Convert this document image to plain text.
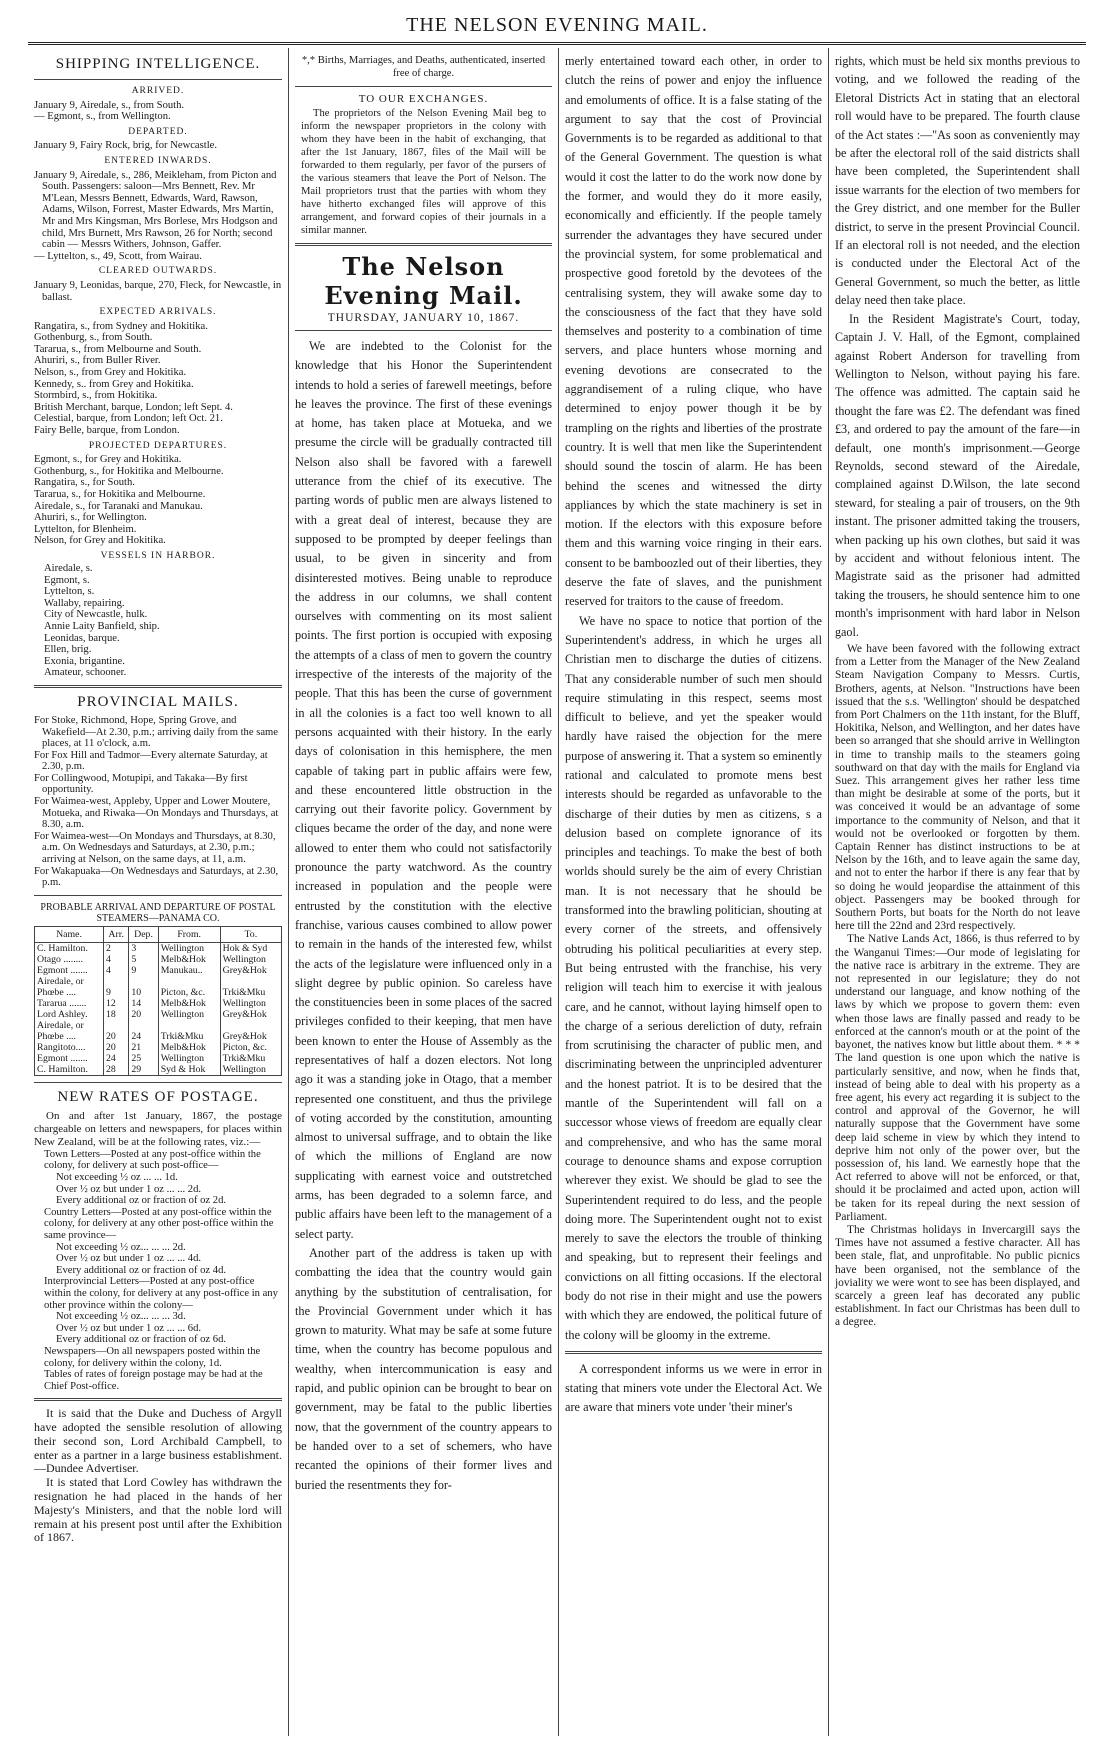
THE NELSON EVENING MAIL.
SHIPPING INTELLIGENCE.
ARRIVED.

January 9, Airedale, s., from South.

— Egmont, s., from Wellington.

DEPARTED.

January 9, Fairy Rock, brig, for Newcastle.

ENTERED INWARDS.

January 9, Airedale, s., 286, Meikleham, from Picton and South. Passengers: saloon—Mrs Bennett, Rev. Mr M'Lean, Messrs Bennett, Edwards, Ward, Rawson, Adams, Wilson, Forrest, Master Edwards, Mrs Martin, Mr and Mrs Kingsman, Mrs Borlese, Mrs Hodgson and child, Mrs Burnett, Mrs Rawson, 26 for North; second cabin — Messrs Withers, Johnson, Gaffer.

— Lyttelton, s., 49, Scott, from Wairau.

CLEARED OUTWARDS.

January 9, Leonidas, barque, 270, Fleck, for Newcastle, in ballast.

EXPECTED ARRIVALS.

Rangatira, s., from Sydney and Hokitika.

Gothenburg, s., from South.

Tararua, s., from Melbourne and South.

Ahuriri, s., from Buller River.

Nelson, s., from Grey and Hokitika.

Kennedy, s.. from Grey and Hokitika.

Stormbird, s., from Hokitika.

British Merchant, barque, London; left Sept. 4.

Celestial, barque, from London; left Oct. 21.

Fairy Belle, barque, from London.

PROJECTED DEPARTURES.

Egmont, s., for Grey and Hokitika.

Gothenburg, s., for Hokitika and Melbourne.

Rangatira, s., for South.

Tararua, s., for Hokitika and Melbourne.

Airedale, s., for Taranaki and Manukau.

Ahuriri, s., for Wellington.

Lyttelton, for Blenheim.

Nelson, for Grey and Hokitika.

VESSELS IN HARBOR.

Airedale, s.

Egmont, s.

Lyttelton, s.

Wallaby, repairing.

City of Newcastle, hulk.

Annie Laity Banfield, ship.

Leonidas, barque.

Ellen, brig.

Exonia, brigantine.

Amateur, schooner.

PROVINCIAL MAILS.

For Stoke, Richmond, Hope, Spring Grove, and Wakefield—At 2.30, p.m.; arriving daily from the same places, at 11 o'clock, a.m.

For Fox Hill and Tadmor—Every alternate Saturday, at 2.30, p.m.

For Collingwood, Motupipi, and Takaka—By first opportunity.

For Waimea-west, Appleby, Upper and Lower Moutere, Motueka, and Riwaka—On Mondays and Thursdays, at 8.30, a.m.

For Waimea-west—On Mondays and Thursdays, at 8.30, a.m. On Wednesdays and Saturdays, at 2.30, p.m.; arriving at Nelson, on the same days, at 11, a.m.

For Wakapuaka—On Wednesdays and Saturdays, at 2.30, p.m.

PROBABLE ARRIVAL AND DEPARTURE OF POSTAL STEAMERS—PANAMA CO.
Name.	Arr.	Dep.	From.	To.
C. Hamilton.	2	3	Wellington	Hok & Syd
Otago ........	4	5	Melb&Hok	Wellington
Egmont .......	4	9	Manukau..	Grey&Hok
Airedale, or				
Phœbe ....	9	10	Picton, &c.	Trki&Mku
Tararua .......	12	14	Melb&Hok	Wellington
Lord Ashley.	18	20	Wellington	Grey&Hok
Airedale, or				
Phœbe ....	20	24	Trki&Mku	Grey&Hok
Rangitoto....	20	21	Melb&Hok	Picton, &c.
Egmont .......	24	25	Wellington	Trki&Mku
C. Hamilton.	28	29	Syd & Hok	Wellington
NEW RATES OF POSTAGE.

On and after 1st January, 1867, the postage chargeable on letters and newspapers, for places within New Zealand, will be at the following rates, viz.:—

Town Letters—Posted at any post-office within the colony, for delivery at such post-office—

Not exceeding ½ oz ... ... 1d.

Over ½ oz but under 1 oz ... ... 2d.

Every additional oz or fraction of oz 2d.

Country Letters—Posted at any post-office within the colony, for delivery at any other post-office within the same province—

Not exceeding ½ oz... ... ... 2d.

Over ½ oz but under 1 oz ... ... 4d.

Every additional oz or fraction of oz 4d.

Interprovincial Letters—Posted at any post-office within the colony, for delivery at any post-office in any other province within the colony—

Not exceeding ½ oz... ... ... 3d.

Over ½ oz but under 1 oz ... ... 6d.

Every additional oz or fraction of oz 6d.

Newspapers—On all newspapers posted within the colony, for delivery within the colony, 1d.

Tables of rates of foreign postage may be had at the Chief Post-office.

It is said that the Duke and Duchess of Argyll have adopted the sensible resolution of allowing their second son, Lord Archibald Campbell, to enter as a partner in a large business establishment.—Dundee Advertiser.

It is stated that Lord Cowley has withdrawn the resignation he had placed in the hands of her Majesty's Ministers, and that the noble lord will remain at his present post until after the Exhibition of 1867.

*,* Births, Marriages, and Deaths, authenticated, inserted free of charge.
TO OUR EXCHANGES.

The proprietors of the Nelson Evening Mail beg to inform the newspaper proprietors in the colony with whom they have been in the habit of exchanging, that after the 1st January, 1867, files of the Mail will be forwarded to them regularly, per favor of the pursers of the various steamers that leave the Port of Nelson. The Mail proprietors trust that the parties with whom they have hitherto exchanged files will approve of this arrangement, and forward copies of their journals in a similar manner.

The Nelson Evening Mail.
THURSDAY, JANUARY 10, 1867.

We are indebted to the Colonist for the knowledge that his Honor the Superintendent intends to hold a series of farewell meetings, before he leaves the province. The first of these evenings at home, has taken place at Motueka, and we presume the circle will be gradually contracted till Nelson also shall be favored with a farewell utterance from the chief of its executive. The parting words of public men are always listened to with a great deal of interest, because they are supposed to be prompted by deeper feelings than usual, to be given in sincerity and from disinterested motives. Being unable to reproduce the address in our columns, we shall content ourselves with commenting on its most salient points. The first portion is occupied with exposing the attempts of a class of men to govern the country irrespective of the interests of the majority of the people. That this has been the curse of government in all the colonies is a fact too well known to all persons acquainted with their history. In the early days of colonisation in this hemisphere, the men capable of taking part in public affairs were few, and these encountered little obstruction in the carrying out their favorite policy. Government by cliques became the order of the day, and none were allowed to enter them who could not satisfactorily pronounce the party watchword. As the country increased in population and the people were entrusted by the constitution with the elective franchise, various causes combined to allow power to remain in the hands of the interested few, whilst the acts of the legislature were influenced only in a slight degree by public opinion. So careless have the constituencies been in some places of the sacred privileges confided to their keeping, that men have been known to enter the House of Assembly as the representatives of half a dozen electors. Not long ago it was a standing joke in Otago, that a member represented one constituent, and thus the privilege of voting accorded by the constitution, amounting almost to universal suffrage, and to obtain the like of which the millions of England are now supplicating with earnest voice and outstretched arms, has been degraded to a solemn farce, and public affairs have been left to the management of a select party.

Another part of the address is taken up with combatting the idea that the country would gain anything by the substitution of centralisation, for the Provincial Government under which it has grown to maturity. What may be safe at some future time, when the country has become populous and wealthy, when intercommunication is easy and rapid, and public opinion can be brought to bear on government, may be fatal to the public liberties now, that the government of the country appears to be handed over to a set of schemers, who have recanted the opinions of their former lives and buried the resentments they for-

merly entertained toward each other, in order to clutch the reins of power and enjoy the influence and emoluments of office. It is a false stating of the argument to say that the cost of Provincial Governments is to be regarded as additional to that of the General Government. The question is what would it cost the latter to do the work now done by the former, and would they do it more easily, economically and efficiently. If the people tamely surrender the advantages they have secured under the provincial system, for some problematical and prospective good foretold by the devotees of the centralising system, they will awake some day to the consciousness of the fact that they have sold themselves and posterity to a combination of time servers, and place hunters whose morning and evening devotions are consecrated to the aggrandisement of a ruling clique, who have determined to enjoy power though it be by trampling on the rights and liberties of the prostrate country. It is well that men like the Superintendent should sound the toscin of alarm. He has been behind the scenes and witnessed the dirty appliances by which the state machinery is set in motion. If the electors with this exposure before them and this warning voice ringing in their ears. consent to be bamboozled out of their liberties, they deserve the fate of slaves, and the punishment reserved for traitors to the cause of freedom.

We have no space to notice that portion of the Superintendent's address, in which he urges all Christian men to discharge the duties of citizens. That any considerable number of such men should require stimulating in this respect, seems most difficult to believe, and yet the speaker would hardly have raised the objection for the mere purpose of answering it. That a system so eminently rational and calculated to promote mens best interests should be regarded as unfavorable to the discharge of their duties by men as citizens, s a delusion based on complete ignorance of its principles and teachings. To make the best of both worlds should surely be the aim of every Christian man. It is not necessary that he should be transformed into the brawling politician, shouting at every corner of the streets, and offensively obtruding his political peculiarities at every step. But being entrusted with the franchise, his very religion will teach him to exercise it with jealous care, and he cannot, without laying himself open to the charge of a serious dereliction of duty, refrain from scrutinising the character of public men, and discriminating between the unprincipled adventurer and the honest patriot. It is to be desired that the mantle of the Superintendent will fall on a successor whose views of freedom are equally clear and comprehensive, and who has the same moral courage to denounce shams and expose corruption wherever they exist. We should be glad to see the Superintendent required to do less, and the people doing more. The Superintendent ought not to exist merely to save the electors the trouble of thinking and speaking, but to represent their feelings and convictions on all fitting occasions. If the electoral body do not rise in their might and use the powers with which they are endowed, the political future of the colony will be gloomy in the extreme.

A correspondent informs us we were in error in stating that miners vote under the Electoral Act. We are aware that miners vote under 'their miner's

rights, which must be held six months previous to voting, and we followed the reading of the Eletoral Districts Act in stating that an electoral roll would have to be prepared. The fourth clause of the Act states :—"As soon as conveniently may be after the electoral roll of the said districts shall have been completed, the Superintendent shall issue warrants for the election of two members for the Grey district, and one member for the Buller district, to serve in the present Provincial Council. If an electoral roll is not needed, and the election is conducted under the Electoral Act of the General Government, so much the better, as little delay need then take place.

In the Resident Magistrate's Court, today, Captain J. V. Hall, of the Egmont, complained against Robert Anderson for travelling from Wellington to Nelson, without paying his fare. The offence was admitted. The captain said he thought the fare was £2. The defendant was fined £3, and ordered to pay the amount of the fare—in default, one month's imprisonment.—George Reynolds, second steward of the Airedale, complained against D.Wilson, the late second steward, for stealing a pair of trousers, on the 9th instant. The prisoner admitted taking the trousers, when packing up his own clothes, but said it was by accident and without felonious intent. The Magistrate said as the prisoner had admitted taking the trousers, he should sentence him to one month's imprisonment with hard labor in Nelson gaol.

We have been favored with the following extract from a Letter from the Manager of the New Zealand Steam Navigation Company to Messrs. Curtis, Brothers, agents, at Nelson. "Instructions have been issued that the s.s. 'Wellington' should be despatched from Port Chalmers on the 11th instant, for the Bluff, Hokitika, Nelson, and Wellington, and her dates have been so arranged that she should arrive in Wellington in time to tranship mails to the steamers going southward on that day with the mails for England via Suez. This arrangement gives her rather less time than might be desirable at some of the ports, but it was conceived it would be an advantage of some importance to the community of Nelson, and that it would not be overlooked or forgotten by them. Captain Renner has distinct instructions to be at Nelson by the 16th, and to leave again the same day, and not to enter the harbor if there is any fear that by so doing he would jeopardise the attainment of this object. Passengers may be booked through for Southern Ports, but boats for the North do not leave here till the 22nd and 23rd respectively.

The Native Lands Act, 1866, is thus referred to by the Wanganui Times:—Our mode of legislating for the native race is arbitrary in the extreme. They are not represented in our legislature; they do not understand our language, and know nothing of the laws by which we propose to govern them: even when those laws are finally passed and ready to be enforced at the cannon's mouth or at the point of the bayonet, the natives know but little about them. * * * The land question is one upon which the native is particularly sensitive, and now, when he finds that, instead of being able to deal with his property as a free agent, his every act regarding it is subject to the control and approval of the Governor, he will naturally suppose that the Government have some deep laid scheme in view by which they intend to deprive him not only of the power over, but the possession of, his land. We earnestly hope that the Act referred to above will not be enforced, or that, should it be proclaimed and acted upon, action will be taken for its repeal during the next session of Parliament.

The Christmas holidays in Invercargill says the Times have not assumed a festive character. All has been stale, flat, and unprofitable. No public picnics have been organised, not the semblance of the joviality we were wont to see has been displayed, and scarcely a green leaf has decorated any public establishment. In fact our Christmas has been dull to a degree.
